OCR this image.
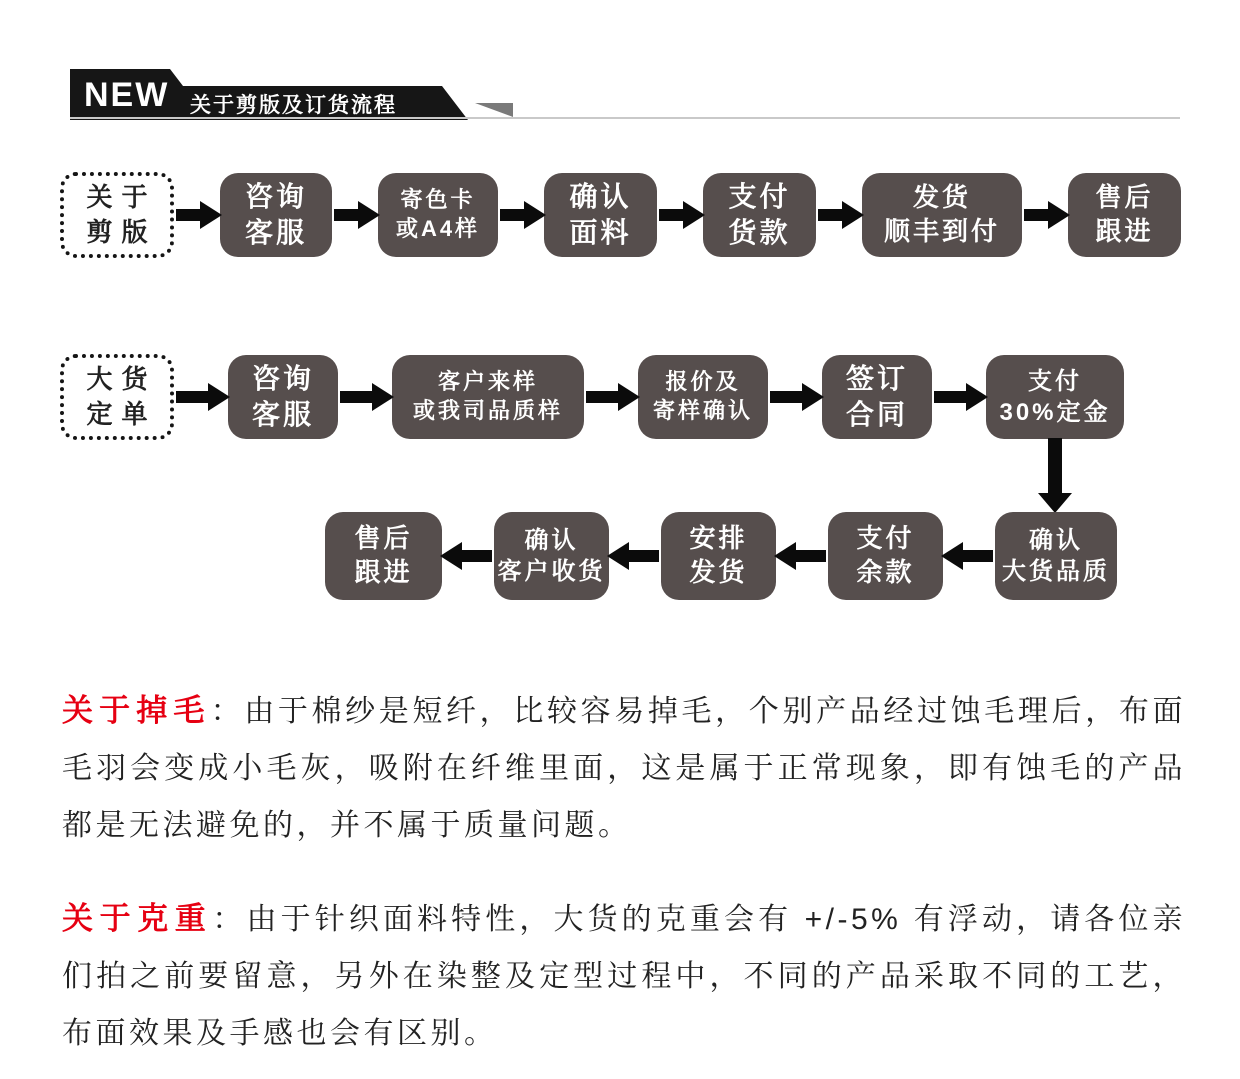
NEW 关于剪版及订货流程
关于
剪版
咨询
客服
寄色卡
或A4样
确认
面料
支付
货款
发货
顺丰到付
售后
跟进
大货
定单
咨询
客服
客户来样
或我司品质样
报价及
寄样确认
签订
合同
支付
30%定金
售后
跟进
确认
客户收货
安排
发货
支付
余款
确认
大货品质

关于掉毛：由于棉纱是短纤，比较容易掉毛，个别产品经过蚀毛理后，布面毛羽会变成小毛灰，吸附在纤维里面，这是属于正常现象，即有蚀毛的产品都是无法避免的，并不属于质量问题。

关于克重：由于针织面料特性，大货的克重会有 +/-5% 有浮动，请各位亲们拍之前要留意，另外在染整及定型过程中，不同的产品采取不同的工艺，布面效果及手感也会有区别。
